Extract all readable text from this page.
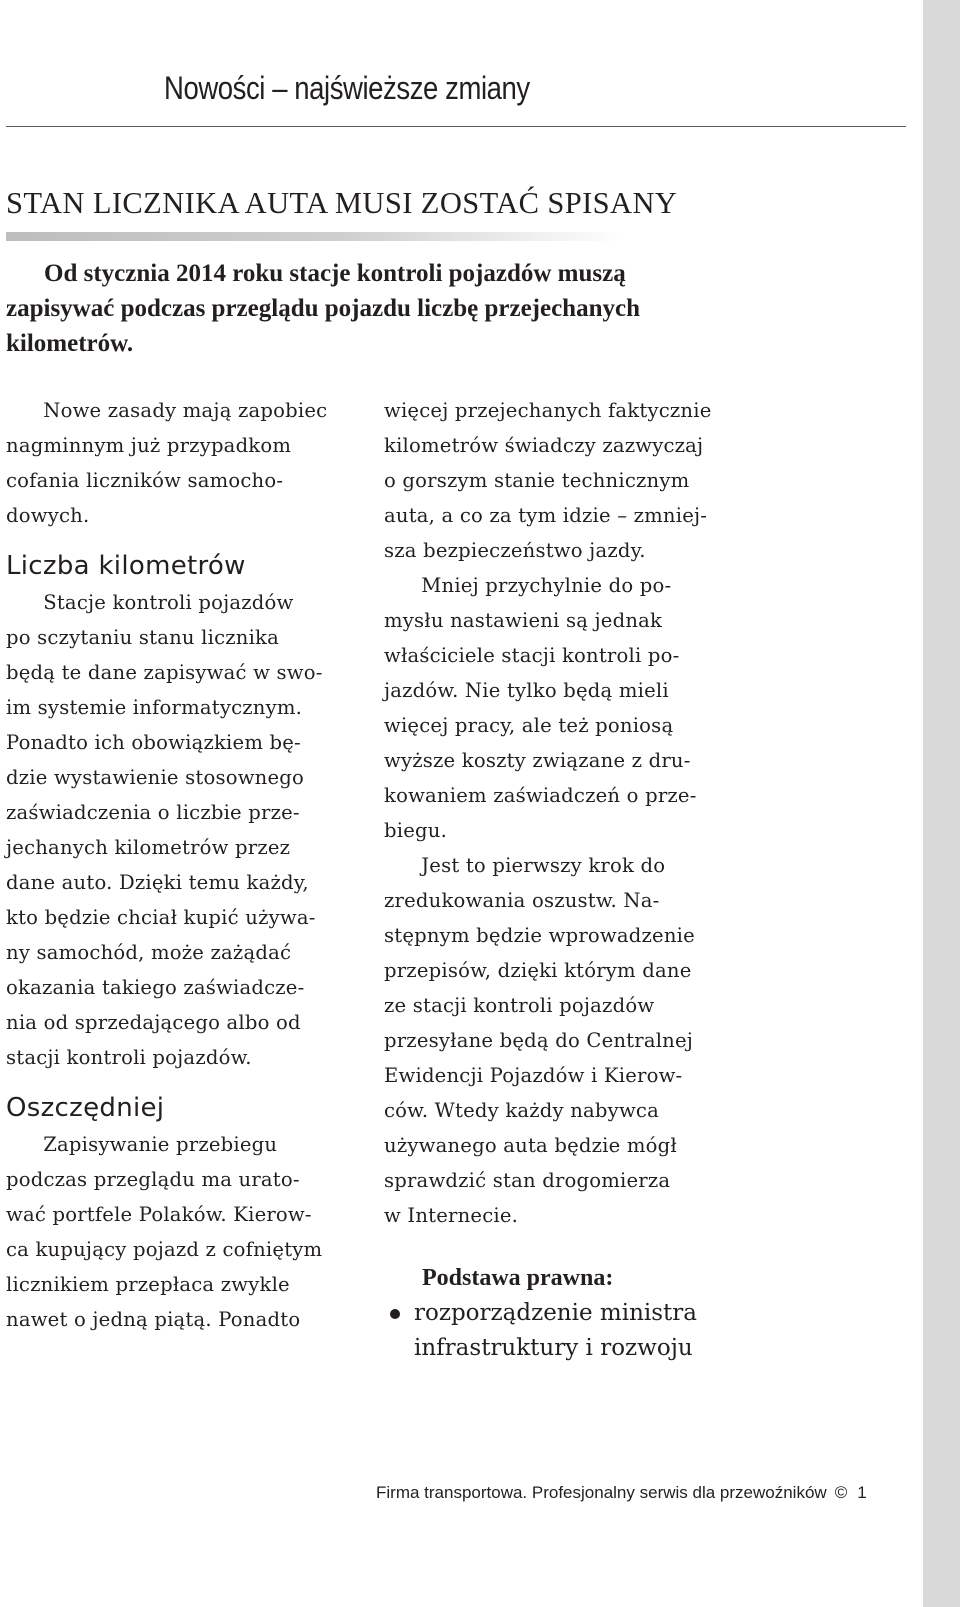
Nowości – najświeższe zmiany
STAN LICZNIKA AUTA MUSI ZOSTAĆ SPISANY

Od stycznia 2014 roku stacje kontroli pojazdów muszą
zapisywać podczas przeglądu pojazdu liczbę przejechanych
kilometrów.

Nowe zasady mają zapobiec
nagminnym już przypadkom
cofania liczników samocho-
dowych.
Liczba kilometrów
Stacje kontroli pojazdów
po sczytaniu stanu licznika
będą te dane zapisywać w swo-
im systemie informatycznym.
Ponadto ich obowiązkiem bę-
dzie wystawienie stosownego
zaświadczenia o liczbie prze-
jechanych kilometrów przez
dane auto. Dzięki temu każdy,
kto będzie chciał kupić używa-
ny samochód, może zażądać
okazania takiego zaświadcze-
nia od sprzedającego albo od
stacji kontroli pojazdów.
Oszczędniej
Zapisywanie przebiegu
podczas przeglądu ma urato-
wać portfele Polaków. Kierow-
ca kupujący pojazd z cofniętym
licznikiem przepłaca zwykle
nawet o jedną piątą. Ponadto
więcej przejechanych faktycznie
kilometrów świadczy zazwyczaj
o gorszym stanie technicznym
auta, a co za tym idzie – zmniej-
sza bezpieczeństwo jazdy.
Mniej przychylnie do po-
mysłu nastawieni są jednak
właściciele stacji kontroli po-
jazdów. Nie tylko będą mieli
więcej pracy, ale też poniosą
wyższe koszty związane z dru-
kowaniem zaświadczeń o prze-
biegu.
Jest to pierwszy krok do
zredukowania oszustw. Na-
stępnym będzie wprowadzenie
przepisów, dzięki którym dane
ze stacji kontroli pojazdów
przesyłane będą do Centralnej
Ewidencji Pojazdów i Kierow-
ców. Wtedy każdy nabywca
używanego auta będzie mógł
sprawdzić stan drogomierza
w Internecie.
Podstawa prawna:
rozporządzenie ministra
infrastruktury i rozwoju
Firma transportowa. Profesjonalny serwis dla przewoźników © 1
